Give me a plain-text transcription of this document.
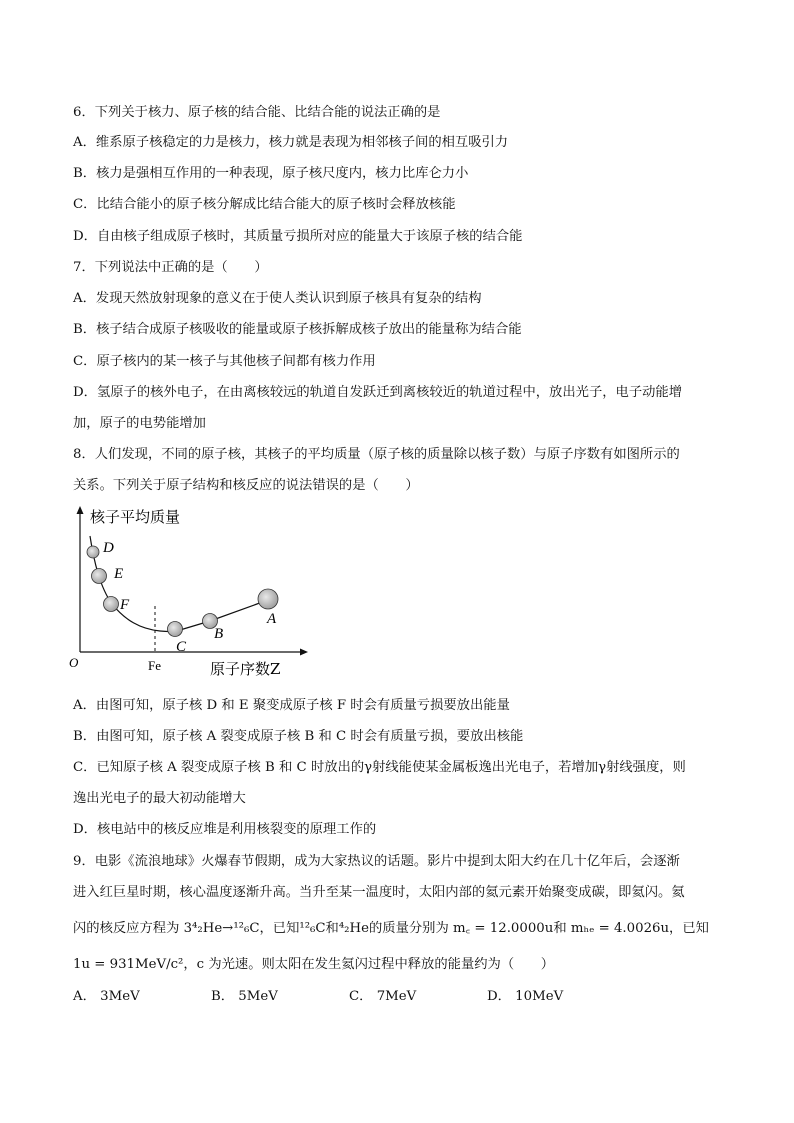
6．下列关于核力、原子核的结合能、比结合能的说法正确的是
A．维系原子核稳定的力是核力，核力就是表现为相邻核子间的相互吸引力
B．核力是强相互作用的一种表现，原子核尺度内，核力比库仑力小
C．比结合能小的原子核分解成比结合能大的原子核时会释放核能
D．自由核子组成原子核时，其质量亏损所对应的能量大于该原子核的结合能
7．下列说法中正确的是（　　）
A．发现天然放射现象的意义在于使人类认识到原子核具有复杂的结构
B．核子结合成原子核吸收的能量或原子核拆解成核子放出的能量称为结合能
C．原子核内的某一核子与其他核子间都有核力作用
D．氢原子的核外电子，在由离核较远的轨道自发跃迁到离核较近的轨道过程中，放出光子，电子动能增
加，原子的电势能增加
8．人们发现，不同的原子核，其核子的平均质量（原子核的质量除以核子数）与原子序数有如图所示的
关系。下列关于原子结构和核反应的说法错误的是（　　）
D
E
F
C
B
A
核子平均质量
原子序数Z
O	Fe
A．由图可知，原子核 D 和 E 聚变成原子核 F 时会有质量亏损要放出能量
B．由图可知，原子核 A 裂变成原子核 B 和 C 时会有质量亏损，要放出核能
C．已知原子核 A 裂变成原子核 B 和 C 时放出的γ射线能使某金属板逸出光电子，若增加γ射线强度，则
逸出光电子的最大初动能增大
D．核电站中的核反应堆是利用核裂变的原理工作的
9．电影《流浪地球》火爆春节假期，成为大家热议的话题。影片中提到太阳大约在几十亿年后，会逐渐
进入红巨星时期，核心温度逐渐升高。当升至某一温度时，太阳内部的氦元素开始聚变成碳，即氦闪。氦
闪的核反应方程为 3⁴₂He→¹²₆C，已知¹²₆C和⁴₂He的质量分别为 m꜀ = 12.0000u和 mₕₑ = 4.0026u，已知
1u = 931MeV/c²，c 为光速。则太阳在发生氦闪过程中释放的能量约为（　　）
A． 3MeV	B． 5MeV	C． 7MeV	D． 10MeV
